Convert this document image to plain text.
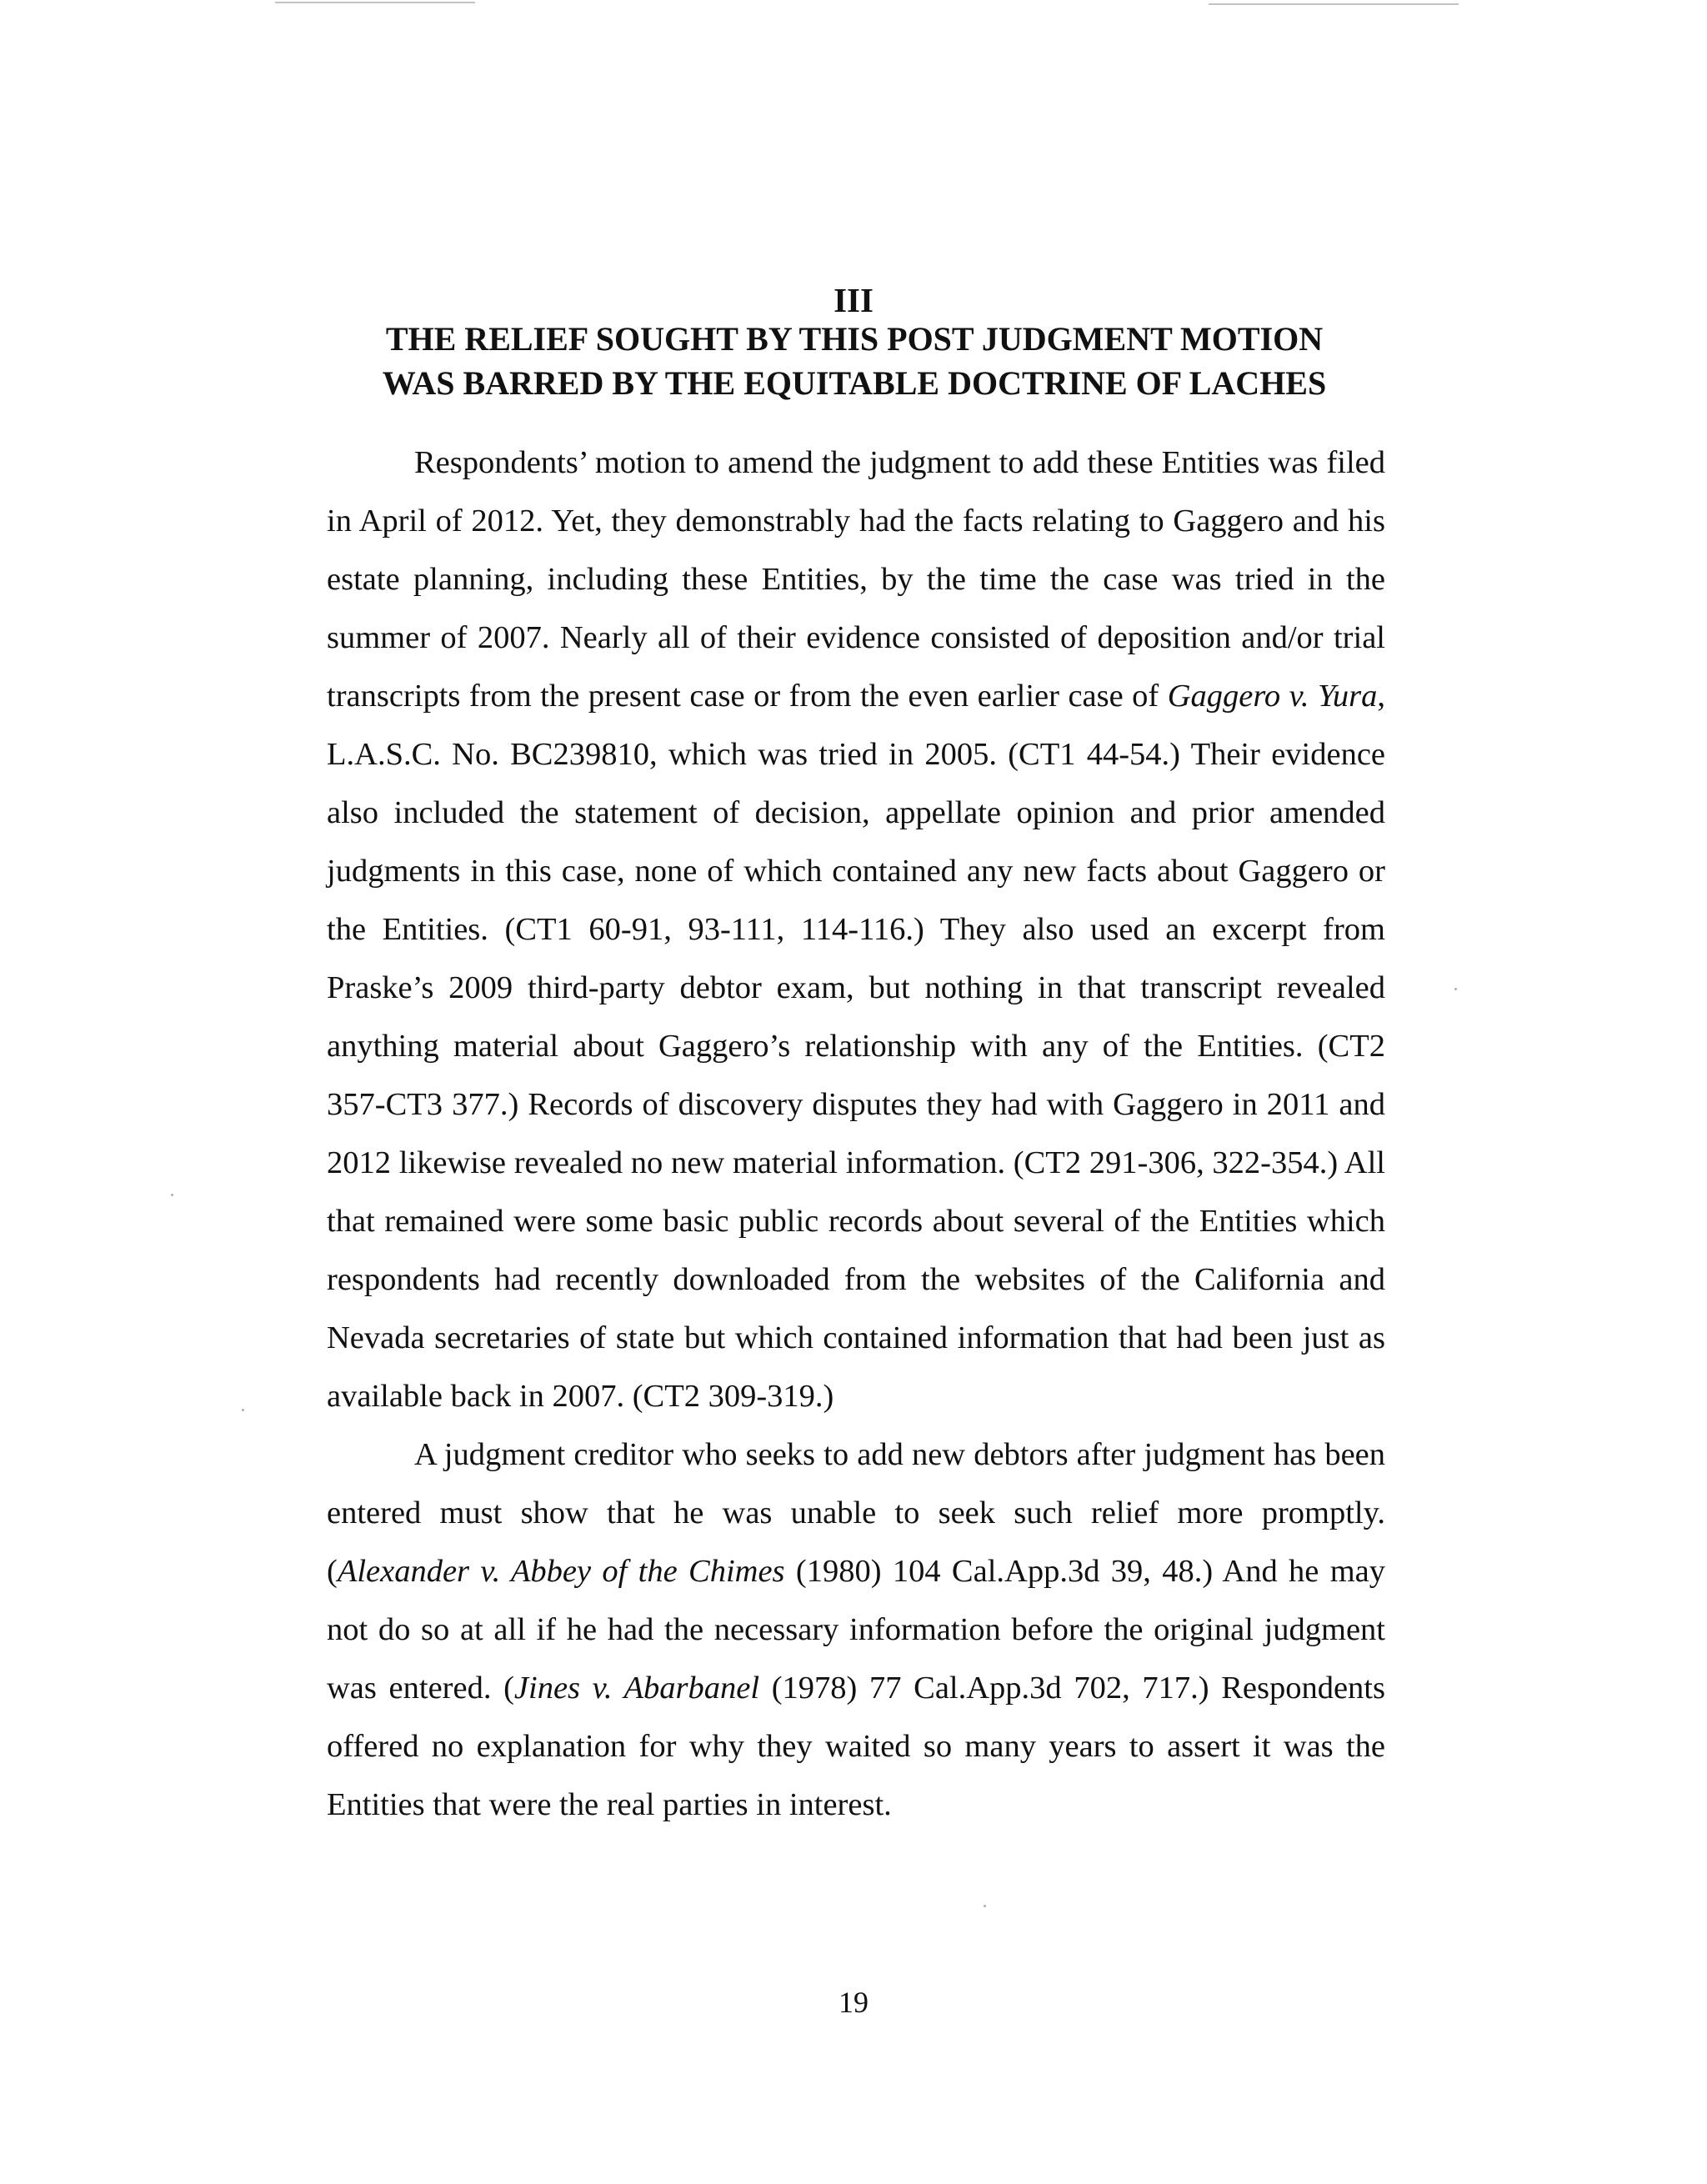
III
THE RELIEF SOUGHT BY THIS POST JUDGMENT MOTION
WAS BARRED BY THE EQUITABLE DOCTRINE OF LACHES

Respondents’ motion to amend the judgment to add these Entities was filed in April of 2012. Yet, they demonstrably had the facts relating to Gaggero and his estate planning, including these Entities, by the time the case was tried in the summer of 2007. Nearly all of their evidence consisted of deposition and/or trial transcripts from the present case or from the even earlier case of Gaggero v. Yura, L.A.S.C. No. BC239810, which was tried in 2005. (CT1 44-54.) Their evidence also included the statement of decision, appellate opinion and prior amended judgments in this case, none of which contained any new facts about Gaggero or the Entities. (CT1 60-91, 93-111, 114-116.) They also used an excerpt from Praske’s 2009 third-party debtor exam, but nothing in that transcript revealed anything material about Gaggero’s relationship with any of the Entities. (CT2 357-CT3 377.) Records of discovery disputes they had with Gaggero in 2011 and 2012 likewise revealed no new material information. (CT2 291-306, 322-354.) All that remained were some basic public records about several of the Entities which respondents had recently downloaded from the websites of the California and Nevada secretaries of state but which contained information that had been just as available back in 2007. (CT2 309-319.)

A judgment creditor who seeks to add new debtors after judgment has been entered must show that he was unable to seek such relief more promptly. (Alexander v. Abbey of the Chimes (1980) 104 Cal.App.3d 39, 48.) And he may not do so at all if he had the necessary information before the original judgment was entered. (Jines v. Abarbanel (1978) 77 Cal.App.3d 702, 717.) Respondents offered no explanation for why they waited so many years to assert it was the Entities that were the real parties in interest.

19
